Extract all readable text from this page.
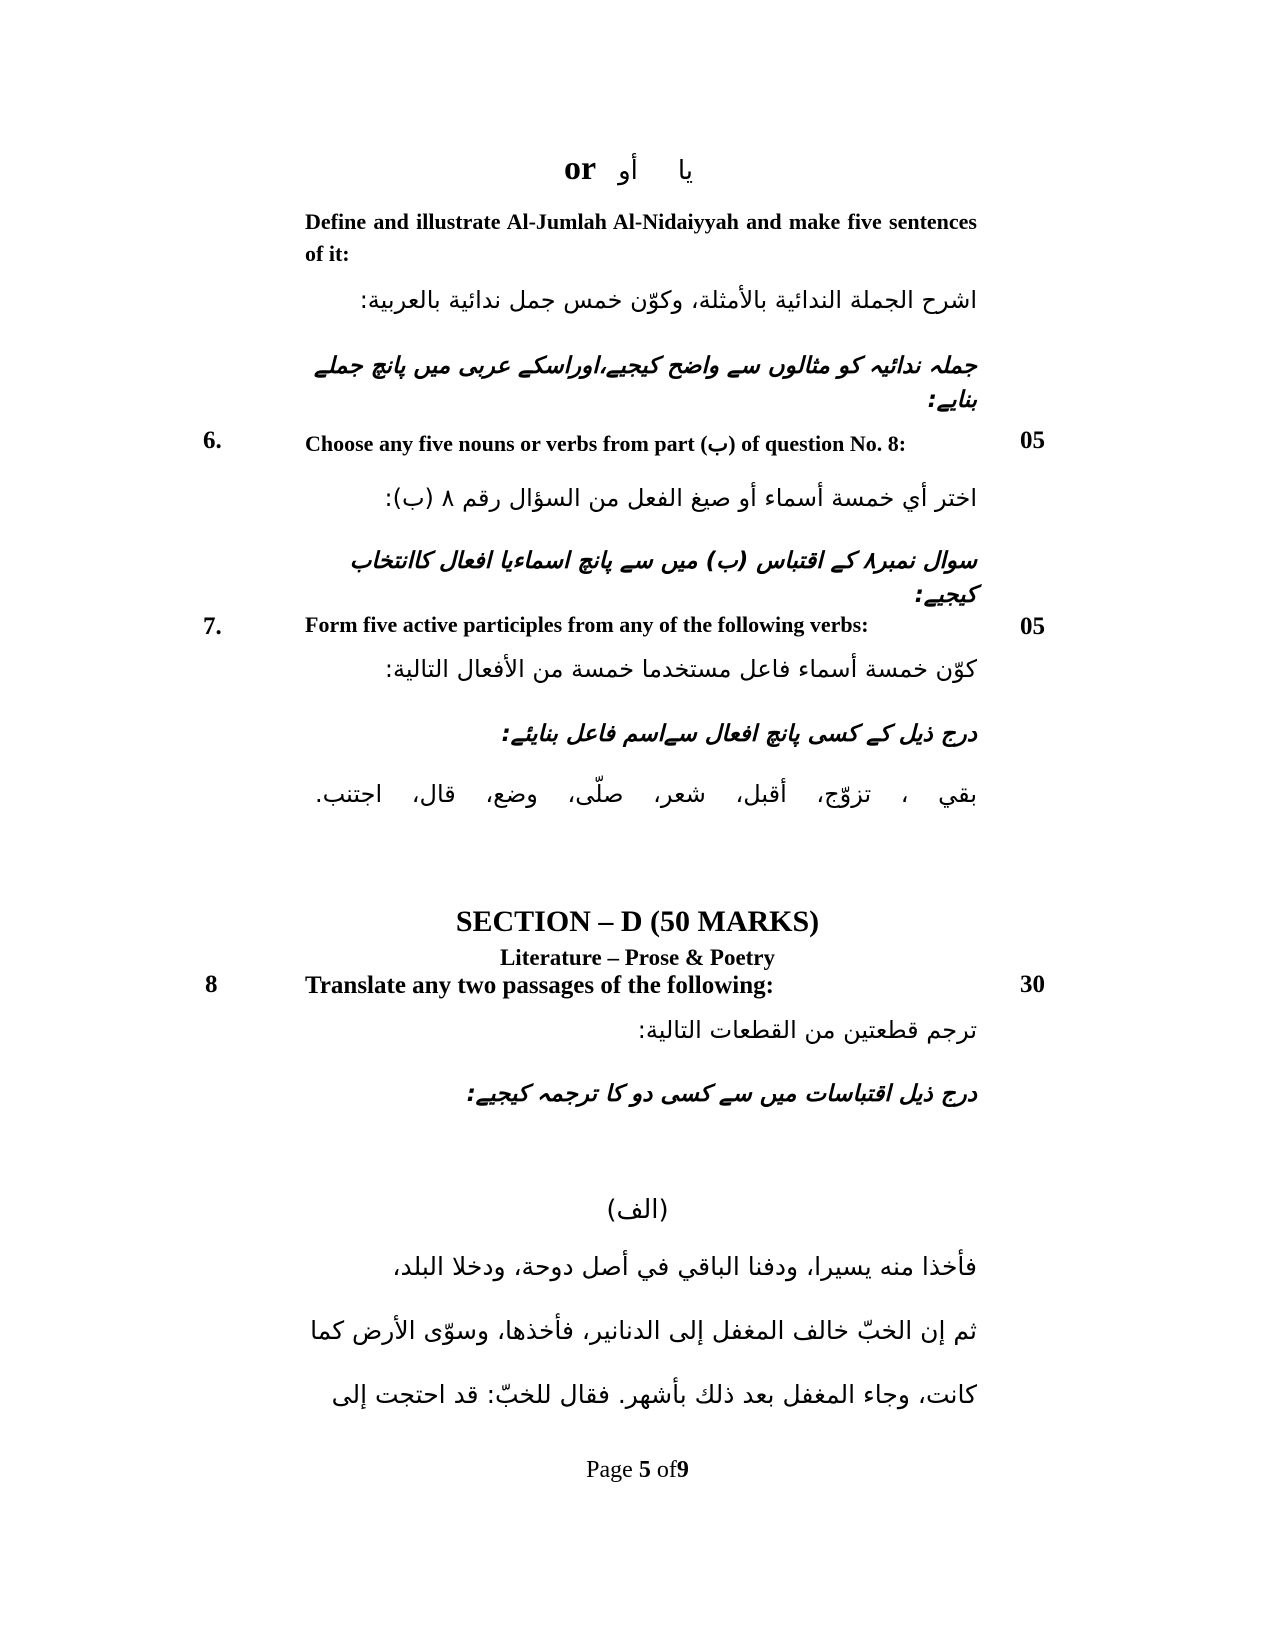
or	یا أو
Define and illustrate Al-Jumlah Al-Nidaiyyah and make five sentences of it:
اشرح الجملة الندائية بالأمثلة، وكوّن خمس جمل ندائية بالعربية:
جملہ ندائیہ کو مثالوں سے واضح کیجیے،اوراسکے عربی میں پانچ جملے بنایے:
6.	Choose any five nouns or verbs from part (ب) of question No. 8:	05
اختر أي خمسة أسماء أو صيغ الفعل من السؤال رقم ٨ (ب):
سوال نمبر٨ کے اقتباس (ب) میں سے پانچ اسماءیا افعال کاانتخاب کیجیے:
7.	Form five active participles from any of the following verbs:	05
كوّن خمسة أسماء فاعل مستخدما خمسة من الأفعال التالية:
درج ذیل کے کسی پانچ افعال سےاسم فاعل بنایئے:
بقي ، تزوّج، أقبل، شعر، صلّى، وضع، قال، اجتنب.
SECTION – D (50 MARKS)
Literature – Prose & Poetry
8	Translate any two passages of the following:	30
ترجم قطعتين من القطعات التالية:
درج ذیل اقتباسات میں سے کسی دو کا ترجمہ کیجیے:
(الف)
فأخذا منه يسيرا، ودفنا الباقي في أصل دوحة، ودخلا البلد،
ثم إن الخبّ خالف المغفل إلى الدنانير، فأخذها، وسوّى الأرض كما
كانت، وجاء المغفل بعد ذلك بأشهر. فقال للخبّ: قد احتجت إلى
Page 5 of9
